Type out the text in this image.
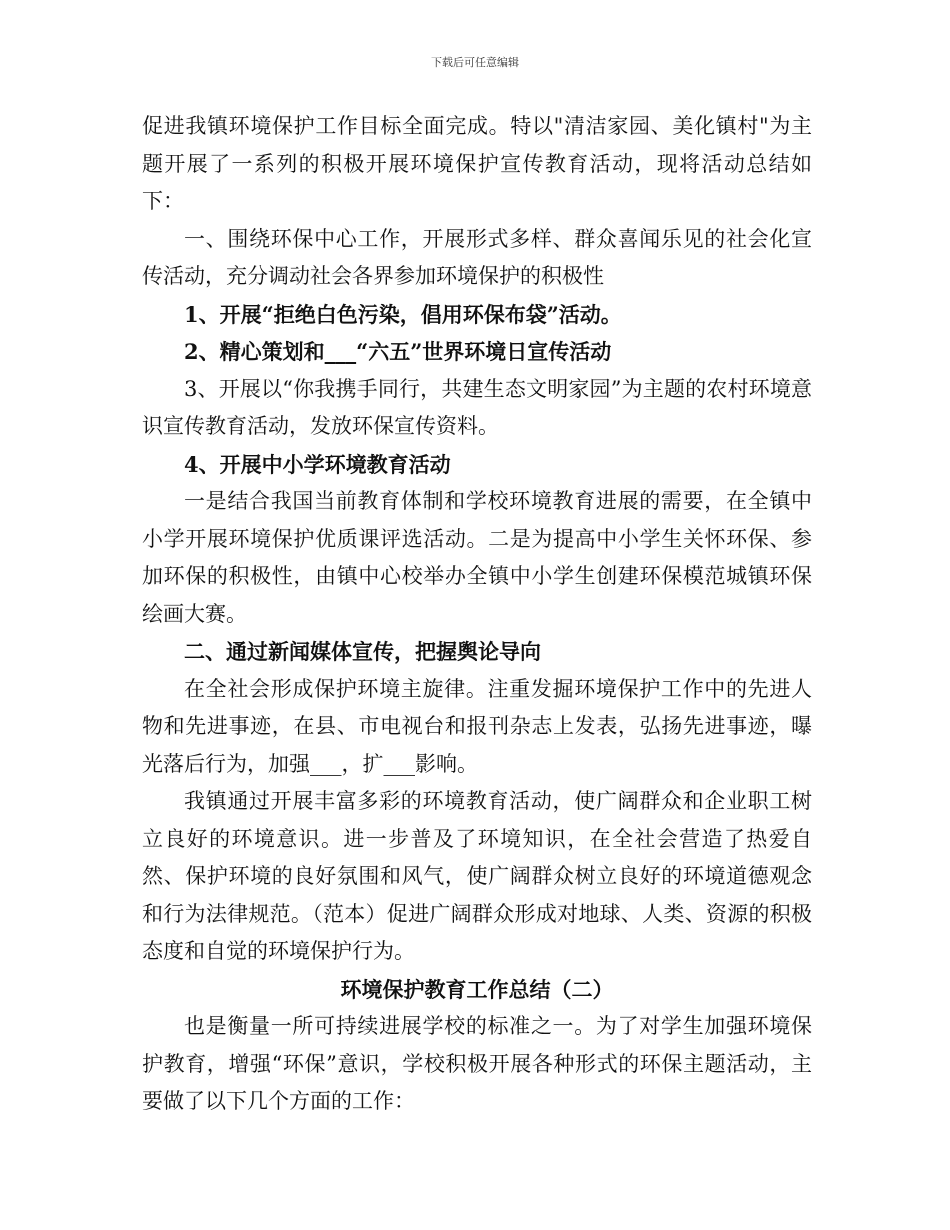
下载后可任意编辑

促进我镇环境保护工作目标全面完成。特以"清洁家园、美化镇村"为主题开展了一系列的积极开展环境保护宣传教育活动，现将活动总结如下：

一、围绕环保中心工作，开展形式多样、群众喜闻乐见的社会化宣传活动，充分调动社会各界参加环境保护的积极性

1、开展“拒绝白色污染，倡用环保布袋”活动。

2、精心策划和___“六五”世界环境日宣传活动

3、开展以“你我携手同行，共建生态文明家园”为主题的农村环境意识宣传教育活动，发放环保宣传资料。

4、开展中小学环境教育活动

一是结合我国当前教育体制和学校环境教育进展的需要，在全镇中小学开展环境保护优质课评选活动。二是为提高中小学生关怀环保、参加环保的积极性，由镇中心校举办全镇中小学生创建环保模范城镇环保绘画大赛。

二、通过新闻媒体宣传，把握舆论导向

在全社会形成保护环境主旋律。注重发掘环境保护工作中的先进人物和先进事迹，在县、市电视台和报刊杂志上发表，弘扬先进事迹，曝光落后行为，加强___，扩___影响。

我镇通过开展丰富多彩的环境教育活动，使广阔群众和企业职工树立良好的环境意识。进一步普及了环境知识，在全社会营造了热爱自然、保护环境的良好氛围和风气，使广阔群众树立良好的环境道德观念和行为法律规范。（范本）促进广阔群众形成对地球、人类、资源的积极态度和自觉的环境保护行为。

环境保护教育工作总结（二）

也是衡量一所可持续进展学校的标准之一。为了对学生加强环境保护教育，增强“环保”意识，学校积极开展各种形式的环保主题活动，主要做了以下几个方面的工作：
